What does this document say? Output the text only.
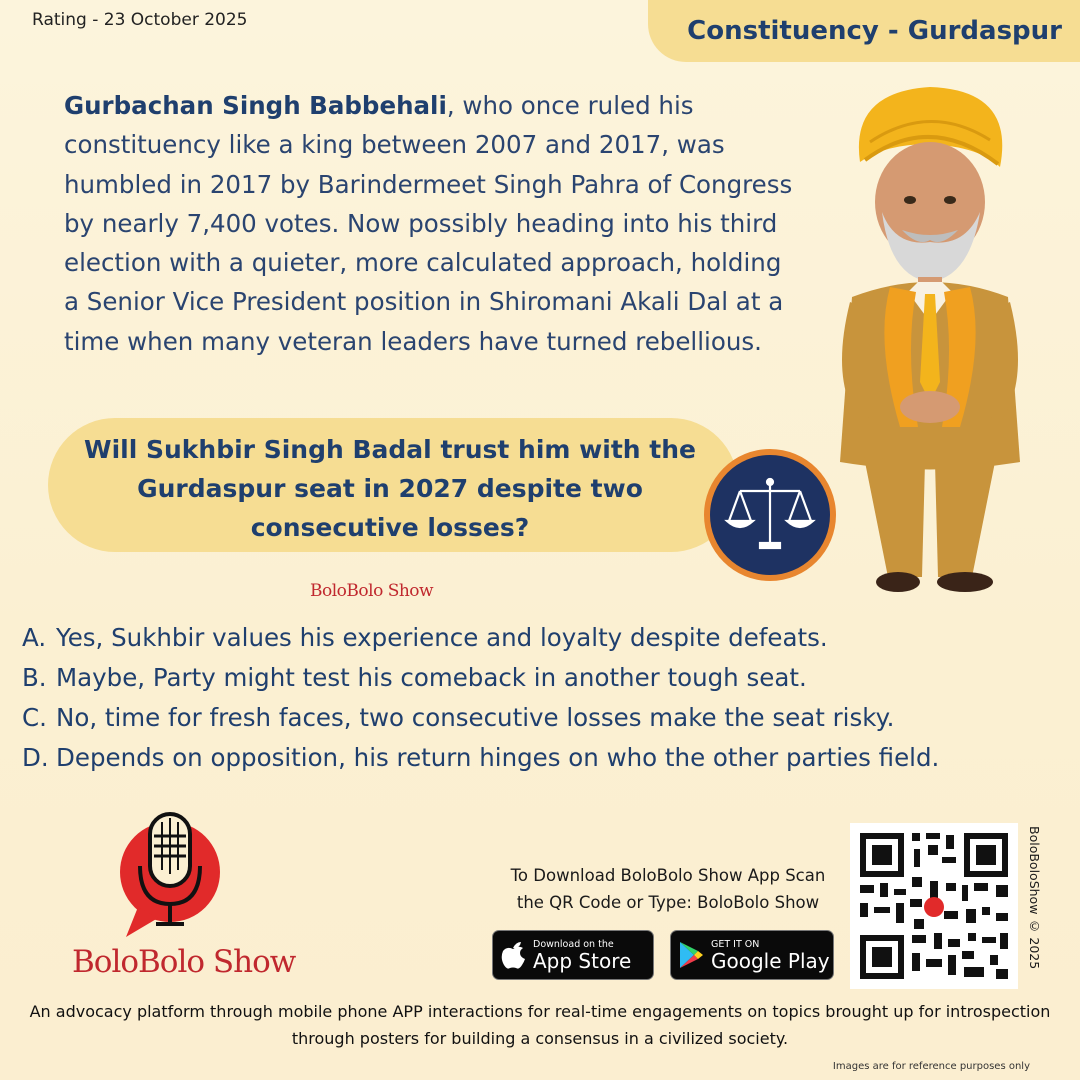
Rating - 23 October 2025	Constituency - Gurdaspur
Gurbachan Singh Babbehali, who once ruled his constituency like a king between 2007 and 2017, was humbled in 2017 by Barindermeet Singh Pahra of Congress by nearly 7,400 votes. Now possibly heading into his third election with a quieter, more calculated approach, holding a Senior Vice President position in Shiromani Akali Dal at a time when many veteran leaders have turned rebellious.
Will Sukhbir Singh Badal trust him with the Gurdaspur seat in 2027 despite two consecutive losses?
BoloBolo Show
A. Yes, Sukhbir values his experience and loyalty despite defeats.
B. Maybe, Party might test his comeback in another tough seat.
C. No, time for fresh faces, two consecutive losses make the seat risky.
D. Depends on opposition, his return hinges on who the other parties field.
BoloBolo Show
To Download BoloBolo Show App Scan
the QR Code or Type: BoloBolo Show
Download on the
App Store
GET IT ON
Google Play	BoloBoloShow © 2025
An advocacy platform through mobile phone APP interactions for real-time engagements on topics brought up for introspection through posters for building a consensus in a civilized society.
Images are for reference purposes only
